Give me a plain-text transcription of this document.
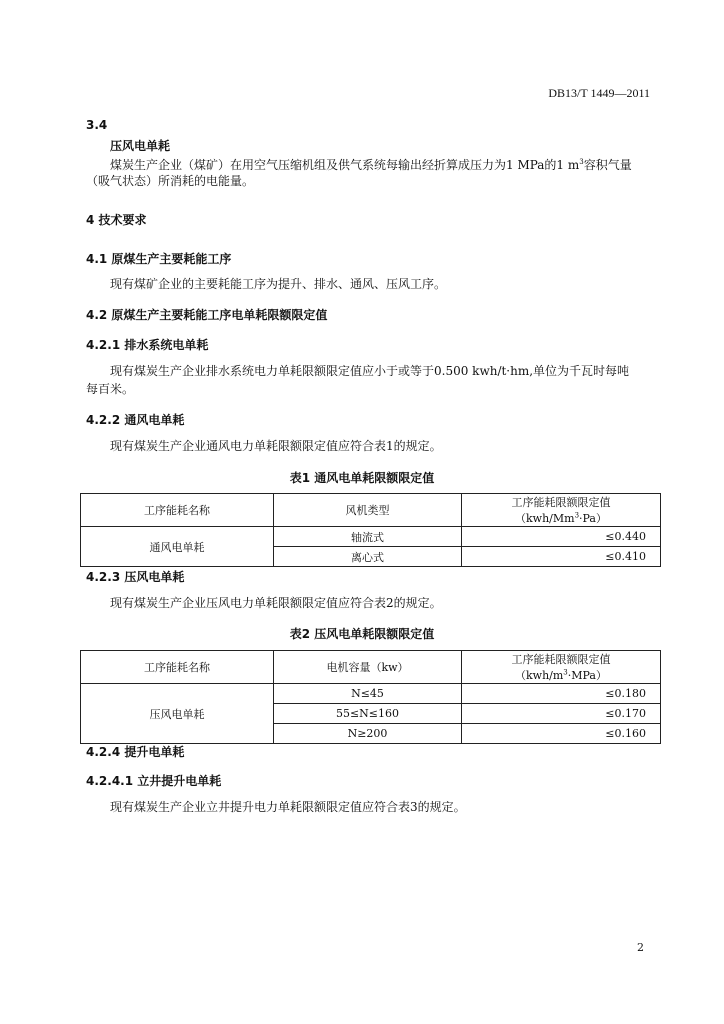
DB13/T 1449—2011
3.4
压风电单耗
煤炭生产企业（煤矿）在用空气压缩机组及供气系统每输出经折算成压力为1 MPa的1 $m^3$容积气量
（吸气状态）所消耗的电能量。
4 技术要求
4.1 原煤生产主要耗能工序
现有煤矿企业的主要耗能工序为提升、排水、通风、压风工序。
4.2 原煤生产主要耗能工序电单耗限额限定值
4.2.1 排水系统电单耗
现有煤炭生产企业排水系统电力单耗限额限定值应小于或等于0.500 kwh/t·hm,单位为千瓦时每吨
每百米。
4.2.2 通风电单耗
现有煤炭生产企业通风电力单耗限额限定值应符合表1的规定。
表1 通风电单耗限额限定值
工序能耗名称	风机类型	工序能耗限额限定值$(kwh/Mm^3\cdot Pa)$
通风电单耗	轴流式	≤0.440
	离心式	≤0.410
4.2.3 压风电单耗
现有煤炭生产企业压风电力单耗限额限定值应符合表2的规定。
表2 压风电单耗限额限定值
工序能耗名称	电机容量（kw）	工序能耗限额限定值$(kwh/m^3\cdot MPa)$
压风电单耗	N≤45	≤0.180
	55≤N≤160	≤0.170
	N≥200	≤0.160
4.2.4 提升电单耗
4.2.4.1 立井提升电单耗
现有煤炭生产企业立井提升电力单耗限额限定值应符合表3的规定。
2
